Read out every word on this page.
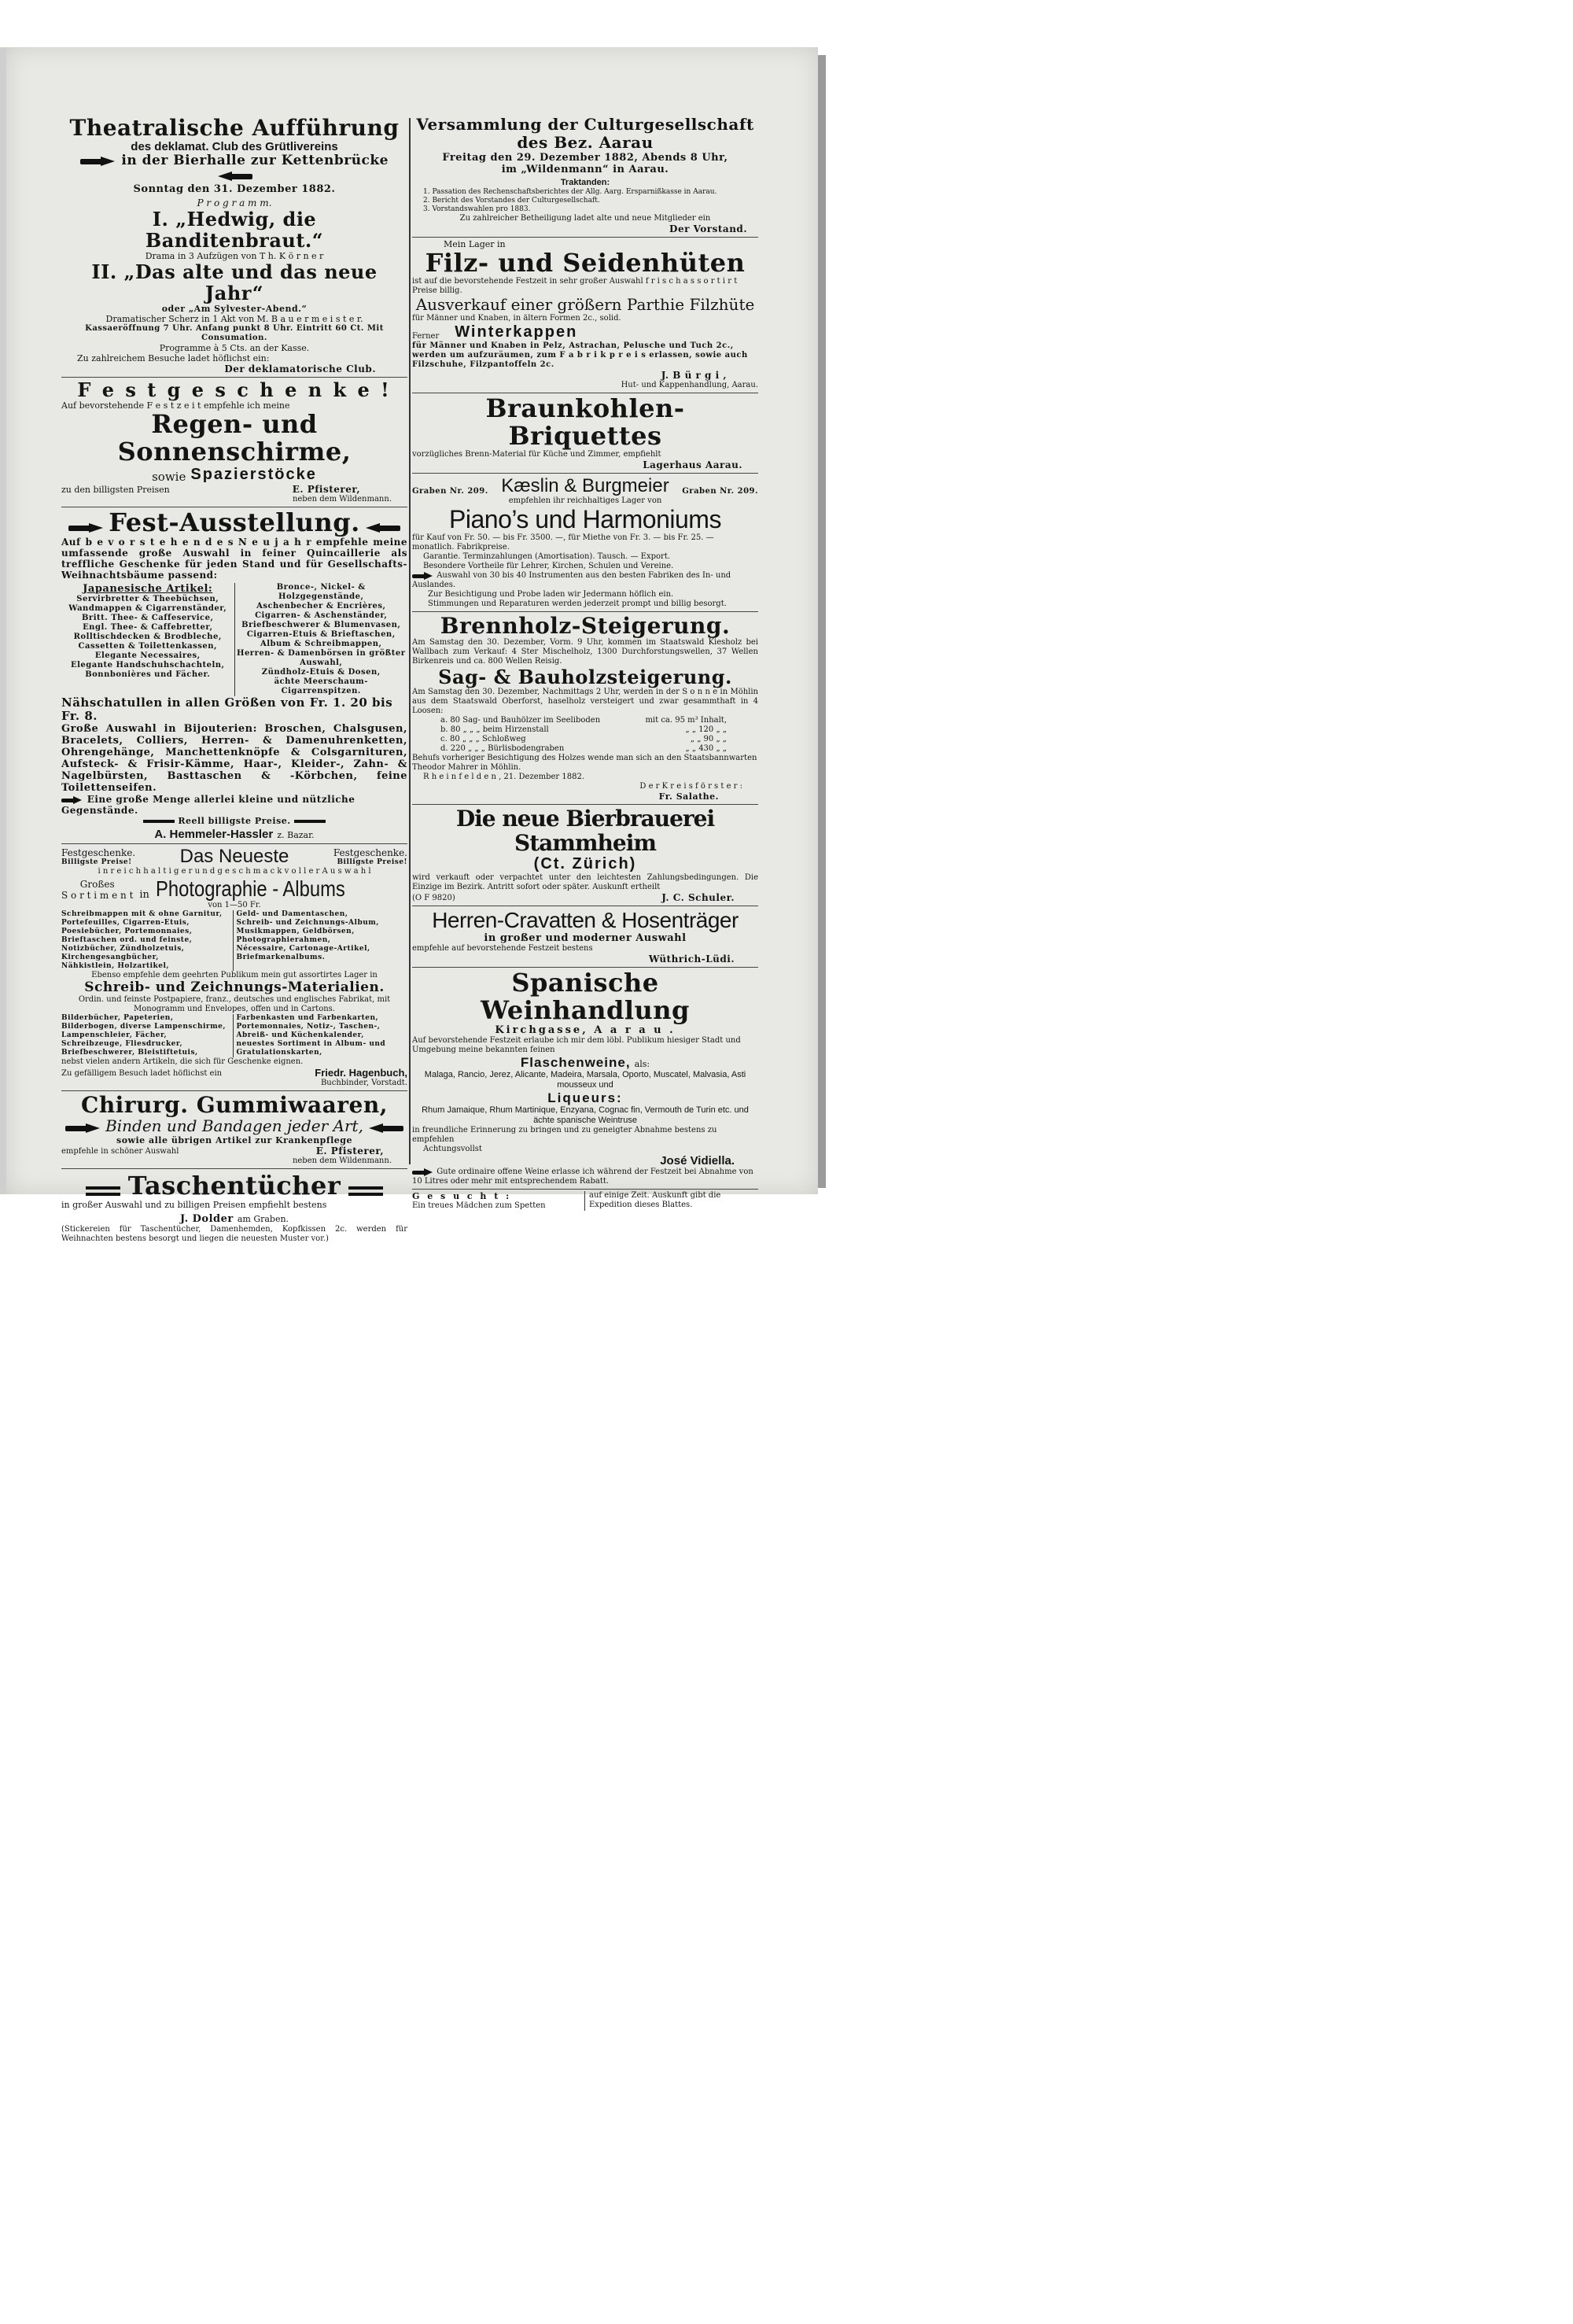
Theatralische Aufführung
des deklamat. Club des Grütlivereins
in der Bierhalle zur Kettenbrücke
Sonntag den 31. Dezember 1882.
P r o g r a m m.
I. „Hedwig, die Banditenbraut.“
Drama in 3 Aufzügen von T h. K ö r n e r
II. „Das alte und das neue Jahr“
oder „Am Sylvester-Abend.“
Dramatischer Scherz in 1 Akt von M. B a u e r m e i s t e r.
Kassaeröffnung 7 Uhr. Anfang punkt 8 Uhr. Eintritt 60 Ct. Mit Consumation.
Programme à 5 Cts. an der Kasse.
Zu zahlreichem Besuche ladet höflichst ein:
Der deklamatorische Club.
F e s t g e s c h e n k e !
Auf bevorstehende F e s t z e i t empfehle ich meine
Regen- und Sonnenschirme,
sowie Spazierstöcke
zu den billigsten Preisen	E. Pfisterer,
neben dem Wildenmann.
Fest-Ausstellung.
Auf b e v o r s t e h e n d e s N e u j a h r empfehle meine umfassende große Auswahl in feiner Quincaillerie als treffliche Geschenke für jeden Stand und für Gesellschafts-Weihnachtsbäume passend:
Japanesische Artikel:
Servirbretter & Theebüchsen,
Wandmappen & Cigarrenständer,
Britt. Thee- & Caffeservice,
Engl. Thee- & Caffebretter,
Rolltischdecken & Brodbleche,
Cassetten & Toilettenkassen,
Elegante Necessaires,
Elegante Handschuhschachteln,
Bonnbonières und Fächer.
Bronce-, Nickel- & Holzgegenstände,
Aschenbecher & Encrières,
Cigarren- & Aschenständer,
Briefbeschwerer & Blumenvasen,
Cigarren-Etuis & Brieftaschen,
Album & Schreibmappen,
Herren- & Damenbörsen in größter
Auswahl,
Zündholz-Etuis & Dosen,
ächte Meerschaum-Cigarrenspitzen.
Nähschatullen in allen Größen von Fr. 1. 20 bis Fr. 8.
Große Auswahl in Bijouterien: Broschen, Chalsgusen, Bracelets, Colliers, Herren- & Damenuhrenketten, Ohrengehänge, Manchettenknöpfe & Colsgarnituren, Aufsteck- & Frisir-Kämme, Haar-, Kleider-, Zahn- & Nagelbürsten, Basttaschen & -Körbchen, feine Toilettenseifen.
Eine große Menge allerlei kleine und nützliche Gegenstände.
Reell billigste Preise.
A. Hemmeler-Hassler z. Bazar.
Festgeschenke.
Billigste Preise!	Das Neueste	Festgeschenke.
Billigste Preise!
i n r e i c h h a l t i g e r u n d g e s c h m a c k v o l l e r A u s w a h l
Großes
S o r t i m e n t in Photographie - Albums
von 1—50 Fr.
Schreibmappen mit & ohne Garnitur,
Portefeuilles, Cigarren-Etuis,
Poesiebücher, Portemonnaies,
Brieftaschen ord. und feinste,
Notizbücher, Zündholzetuis,
Kirchengesangbücher,
Nähkistlein, Holzartikel,
Geld- und Damentaschen,
Schreib- und Zeichnungs-Album,
Musikmappen, Geldbörsen,
Photographierahmen,
Nécessaire, Cartonage-Artikel,
Briefmarkenalbums.
Ebenso empfehle dem geehrten Publikum mein gut assortirtes Lager in
Schreib- und Zeichnungs-Materialien.
Ordin. und feinste Postpapiere, franz., deutsches und englisches Fabrikat, mit Monogramm und Envelopes, offen und in Cartons.
Bilderbücher, Papeterien,
Bilderbogen, diverse Lampenschirme,
Lampenschleier, Fächer,
Schreibzeuge, Fliesdrucker,
Briefbeschwerer, Bleistiftetuis,
Farbenkasten und Farbenkarten,
Portemonnaies, Notiz-, Taschen-,
Abreiß- und Küchenkalender,
neuestes Sortiment in Album- und
Gratulationskarten,
nebst vielen andern Artikeln, die sich für Geschenke eignen.
Zu gefälligem Besuch ladet höflichst ein	Friedr. Hagenbuch,
Buchbinder, Vorstadt.
Chirurg. Gummiwaaren,
Binden und Bandagen jeder Art,
sowie alle übrigen Artikel zur Krankenpflege
empfehle in schöner Auswahl	E. Pfisterer,
neben dem Wildenmann.
Taschentücher
in großer Auswahl und zu billigen Preisen empfiehlt bestens
J. Dolder am Graben.
(Stickereien für Taschentücher, Damenhemden, Kopfkissen 2c. werden für Weihnachten bestens besorgt und liegen die neuesten Muster vor.)
Versammlung der Culturgesellschaft des Bez. Aarau
Freitag den 29. Dezember 1882, Abends 8 Uhr,
im „Wildenmann“ in Aarau.
Traktanden:
1. Passation des Rechenschaftsberichtes der Allg. Aarg. Ersparnißkasse in Aarau.
2. Bericht des Vorstandes der Culturgesellschaft.
3. Vorstandswahlen pro 1883.
Zu zahlreicher Betheiligung ladet alte und neue Mitglieder ein
Der Vorstand.
Mein Lager in
Filz- und Seidenhüten
ist auf die bevorstehende Festzeit in sehr großer Auswahl f r i s c h a s s o r t i r t Preise billig.
Ausverkauf einer größern Parthie Filzhüte
für Männer und Knaben, in ältern Formen 2c., solid.
Ferner Winterkappen
für Männer und Knaben in Pelz, Astrachan, Pelusche und Tuch 2c., werden um aufzuräumen, zum F a b r i k p r e i s erlassen, sowie auch Filzschuhe, Filzpantoffeln 2c.
J. B ü r g i ,
Hut- und Kappenhandlung, Aarau.
Braunkohlen-Briquettes
vorzügliches Brenn-Material für Küche und Zimmer, empfiehlt
Lagerhaus Aarau.
Graben Nr. 209. Kæslin & Burgmeier Graben Nr. 209.
empfehlen ihr reichhaltiges Lager von
Piano’s und Harmoniums
für Kauf von Fr. 50. — bis Fr. 3500. —, für Miethe von Fr. 3. — bis Fr. 25. — monatlich. Fabrikpreise.
Garantie. Terminzahlungen (Amortisation). Tausch. — Export.
Besondere Vortheile für Lehrer, Kirchen, Schulen und Vereine.
Auswahl von 30 bis 40 Instrumenten aus den besten Fabriken des In- und Auslandes.
Zur Besichtigung und Probe laden wir Jedermann höflich ein.
Stimmungen und Reparaturen werden jederzeit prompt und billig besorgt.
Brennholz-Steigerung.
Am Samstag den 30. Dezember, Vorm. 9 Uhr, kommen im Staatswald Kiesholz bei Wallbach zum Verkauf: 4 Ster Mischelholz, 1300 Durchforstungswellen, 37 Wellen Birkenreis und ca. 800 Wellen Reisig.
Sag- & Bauholzsteigerung.
Am Samstag den 30. Dezember, Nachmittags 2 Uhr, werden in der S o n n e in Möhlin aus dem Staatswald Oberforst, haselholz versteigert und zwar gesammthaft in 4 Loosen:
a. 80 Sag- und Bauhölzer im Seeliboden	mit ca. 95 m³ Inhalt,
b. 80 „ „ „ beim Hirzenstall	„ „ 120 „ „
c. 80 „ „ „ Schloßweg	„ „ 90 „ „
d. 220 „ „ „ Bürlisbodengraben	„ „ 430 „ „
Behufs vorheriger Besichtigung des Holzes wende man sich an den Staatsbannwarten Theodor Mahrer in Möhlin.
R h e i n f e l d e n , 21. Dezember 1882.
D e r K r e i s f ö r s t e r :
Fr. Salathe.
Die neue Bierbrauerei Stammheim
(Ct. Zürich)
wird verkauft oder verpachtet unter den leichtesten Zahlungsbedingungen. Die Einzige im Bezirk. Antritt sofort oder später. Auskunft ertheilt
(O F 9820)	J. C. Schuler.
Herren-Cravatten & Hosenträger
in großer und moderner Auswahl
empfehle auf bevorstehende Festzeit bestens
Wüthrich-Lüdi.
Spanische Weinhandlung
Kirchgasse, A a r a u .
Auf bevorstehende Festzeit erlaube ich mir dem löbl. Publikum hiesiger Stadt und Umgebung meine bekannten feinen
Flaschenweine, als:
Malaga, Rancio, Jerez, Alicante, Madeira, Marsala, Oporto, Muscatel, Malvasia, Asti mousseux und
Liqueurs:
Rhum Jamaique, Rhum Martinique, Enzyana, Cognac fin, Vermouth de Turin etc. und ächte spanische Weintruse
in freundliche Erinnerung zu bringen und zu geneigter Abnahme bestens zu empfehlen
Achtungsvollst
José Vidiella.
Gute ordinaire offene Weine erlasse ich während der Festzeit bei Abnahme von 10 Litres oder mehr mit entsprechendem Rabatt.
G e s u c h t :
Ein treues Mädchen zum Spetten
auf einige Zeit. Auskunft gibt die Expedition dieses Blattes.
